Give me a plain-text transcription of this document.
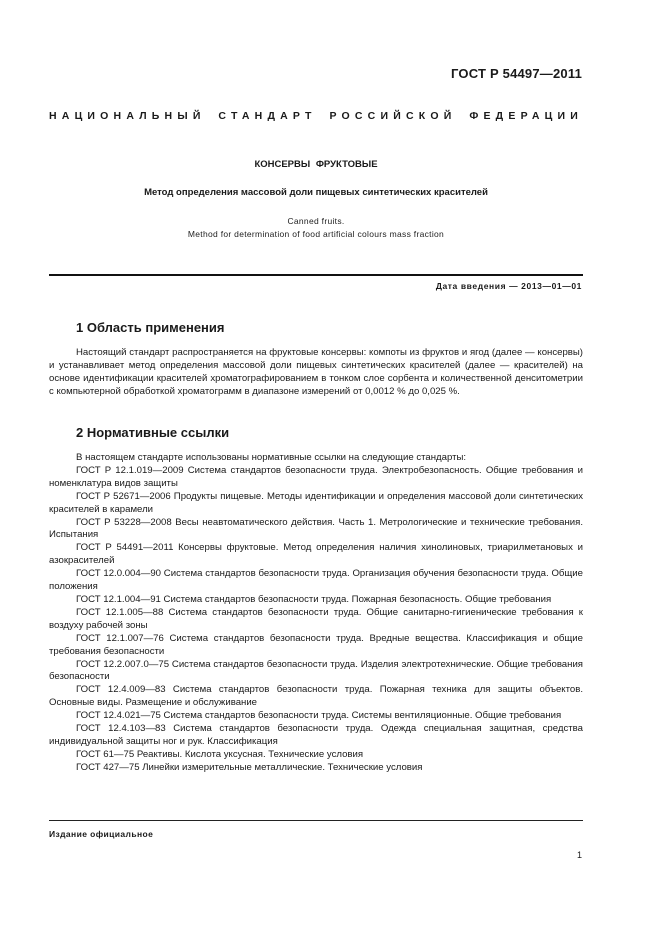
ГОСТ Р 54497—2011
НАЦИОНАЛЬНЫЙ СТАНДАРТ РОССИЙСКОЙ ФЕДЕРАЦИИ
КОНСЕРВЫ ФРУКТОВЫЕ
Метод определения массовой доли пищевых синтетических красителей
Canned fruits.
Method for determination of food artificial colours mass fraction
Дата введения — 2013—01—01
1 Область применения

Настоящий стандарт распространяется на фруктовые консервы: компоты из фруктов и ягод (далее — консервы) и устанавливает метод определения массовой доли пищевых синтетических красителей (далее — красителей) на основе идентификации красителей хроматографированием в тонком слое сорбента и количественной денситометрии с компьютерной обработкой хроматограмм в диапазоне измерений от 0,0012 % до 0,025 %.

2 Нормативные ссылки

В настоящем стандарте использованы нормативные ссылки на следующие стандарты:

ГОСТ Р 12.1.019—2009 Система стандартов безопасности труда. Электробезопасность. Общие требования и номенклатура видов защиты

ГОСТ Р 52671—2006 Продукты пищевые. Методы идентификации и определения массовой доли синтетических красителей в карамели

ГОСТ Р 53228—2008 Весы неавтоматического действия. Часть 1. Метрологические и технические требования. Испытания

ГОСТ Р 54491—2011 Консервы фруктовые. Метод определения наличия хинолиновых, триарилметановых и азокрасителей

ГОСТ 12.0.004—90 Система стандартов безопасности труда. Организация обучения безопасности труда. Общие положения

ГОСТ 12.1.004—91 Система стандартов безопасности труда. Пожарная безопасность. Общие требования

ГОСТ 12.1.005—88 Система стандартов безопасности труда. Общие санитарно-гигиенические требования к воздуху рабочей зоны

ГОСТ 12.1.007—76 Система стандартов безопасности труда. Вредные вещества. Классификация и общие требования безопасности

ГОСТ 12.2.007.0—75 Система стандартов безопасности труда. Изделия электротехнические. Общие требования безопасности

ГОСТ 12.4.009—83 Система стандартов безопасности труда. Пожарная техника для защиты объектов. Основные виды. Размещение и обслуживание

ГОСТ 12.4.021—75 Система стандартов безопасности труда. Системы вентиляционные. Общие требования

ГОСТ 12.4.103—83 Система стандартов безопасности труда. Одежда специальная защитная, средства индивидуальной защиты ног и рук. Классификация

ГОСТ 61—75 Реактивы. Кислота уксусная. Технические условия

ГОСТ 427—75 Линейки измерительные металлические. Технические условия

Издание официальное
1
